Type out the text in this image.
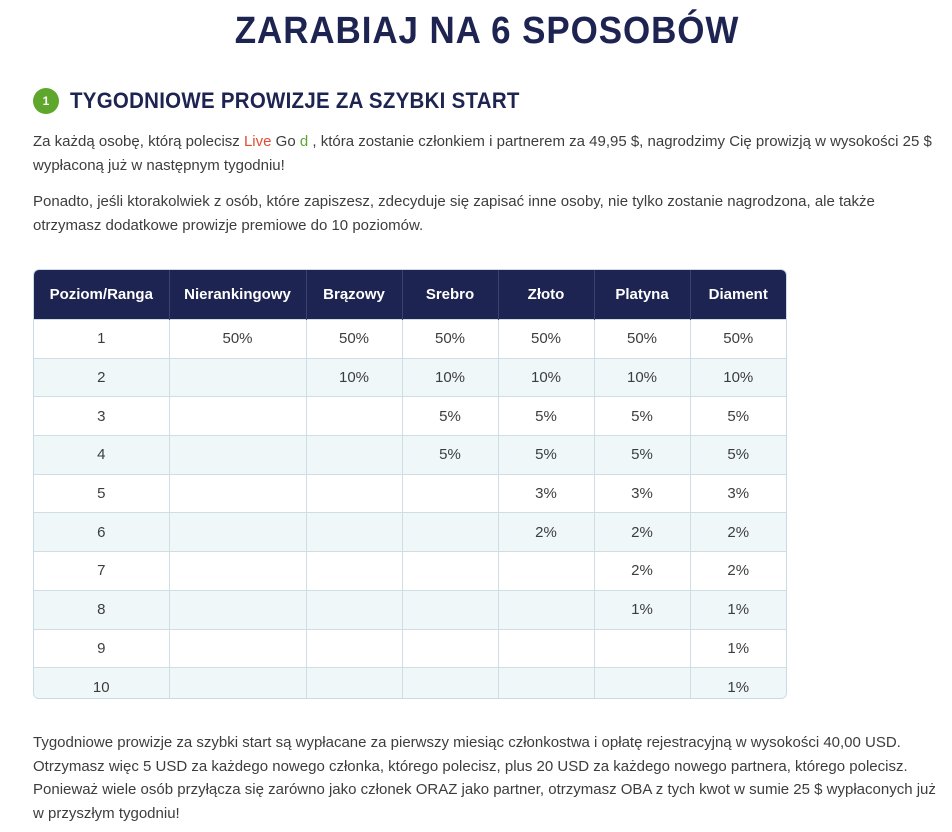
ZARABIAJ NA 6 SPOSOBÓW
1 TYGODNIOWE PROWIZJE ZA SZYBKI START
Za każdą osobę, którą polecisz Live Go d , która zostanie członkiem i partnerem za 49,95 $, nagrodzimy Cię prowizją w wysokości 25 $ wypłaconą już w następnym tygodniu!
Ponadto, jeśli ktorakolwiek z osób, które zapiszesz, zdecyduje się zapisać inne osoby, nie tylko zostanie nagrodzona, ale także otrzymasz dodatkowe prowizje premiowe do 10 poziomów.
Poziom/Ranga	Nierankingowy	Brązowy	Srebro	Złoto	Platyna	Diament
1	50%	50%	50%	50%	50%	50%
2		10%	10%	10%	10%	10%
3			5%	5%	5%	5%
4			5%	5%	5%	5%
5				3%	3%	3%
6				2%	2%	2%
7					2%	2%
8					1%	1%
9						1%
10						1%
Tygodniowe prowizje za szybki start są wypłacane za pierwszy miesiąc członkostwa i opłatę rejestracyjną w wysokości 40,00 USD. Otrzymasz więc 5 USD za każdego nowego członka, którego polecisz, plus 20 USD za każdego nowego partnera, którego polecisz. Ponieważ wiele osób przyłącza się zarówno jako członek ORAZ jako partner, otrzymasz OBA z tych kwot w sumie 25 $ wypłaconych już w przyszłym tygodniu!
